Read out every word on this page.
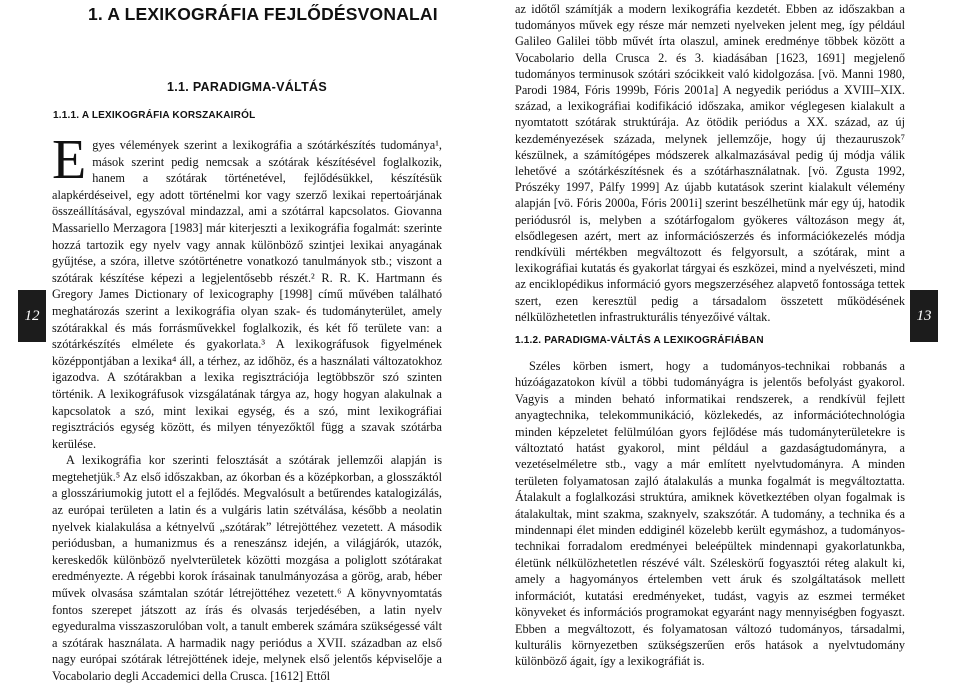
12	13
1. A LEXIKOGRÁFIA FEJLŐDÉSVONALAI
1.1. PARADIGMA-VÁLTÁS
1.1.1. A LEXIKOGRÁFIA KORSZAKAIRÓL

Egyes vélemények szerint a lexikográfia a szótárkészítés tudománya¹, mások szerint pedig nemcsak a szótárak készítésével foglalkozik, hanem a szótárak történetével, fejlődésükkel, készítésük alapkérdéseivel, egy adott történelmi kor vagy szerző lexikai repertoárjának összeállításával, egyszóval mindazzal, ami a szótárral kapcsolatos. Giovanna Massariello Merzagora [1983] már kiterjeszti a lexikográfia fogalmát: szerinte hozzá tartozik egy nyelv vagy annak különböző szintjei lexikai anyagának gyűjtése, a szóra, illetve szótörténetre vonatkozó tanulmányok stb.; viszont a szótárak készítése képezi a legjelentősebb részét.² R. R. K. Hartmann és Gregory James Dictionary of lexicography [1998] című művében található meghatározás szerint a lexikográfia olyan szak- és tudományterület, amely szótárakkal és más forrásművekkel foglalkozik, és két fő területe van: a szótárkészítés elmélete és gyakorlata.³ A lexikográfusok figyelmének középpontjában a lexika⁴ áll, a térhez, az időhöz, és a használati változatokhoz igazodva. A szótárakban a lexika regisztrációja legtöbbször szó szinten történik. A lexikográfusok vizsgálatának tárgya az, hogy hogyan alakulnak a kapcsolatok a szó, mint lexikai egység, és a szó, mint lexikográfiai regisztrációs egység között, és milyen tényezőktől függ a szavak szótárba kerülése.

A lexikográfia kor szerinti felosztását a szótárak jellemzői alapján is megtehetjük.⁵ Az első időszakban, az ókorban és a középkorban, a glosszáktól a glosszáriumokig jutott el a fejlődés. Megvalósult a betűrendes katalogizálás, az európai területen a latin és a vulgáris latin szétválása, később a neolatin nyelvek kialakulása a kétnyelvű „szótárak” létrejöttéhez vezetett. A második periódusban, a humanizmus és a reneszánsz idején, a világjárók, utazók, kereskedők különböző nyelvterületek közötti mozgása a poliglott szótárakat eredményezte. A régebbi korok írásainak tanulmányozása a görög, arab, héber művek olvasása számtalan szótár létrejöttéhez vezetett.⁶ A könyvnyomtatás fontos szerepet játszott az írás és olvasás terjedésében, a latin nyelv egyeduralma visszaszorulóban volt, a tanult emberek számára szükségessé vált a szótárak használata. A harmadik nagy periódus a XVII. században az első nagy európai szótárak létrejöttének ideje, melynek első jelentős képviselője a Vocabolario degli Accademici della Crusca. [1612] Ettől

az időtől számítják a modern lexikográfia kezdetét. Ebben az időszakban a tudományos művek egy része már nemzeti nyelveken jelent meg, így például Galileo Galilei több művét írta olaszul, aminek eredménye többek között a Vocabolario della Crusca 2. és 3. kiadásában [1623, 1691] megjelenő tudományos terminusok szótári szócikkeit való kidolgozása. [vö. Manni 1980, Parodi 1984, Fóris 1999b, Fóris 2001a] A negyedik periódus a XVIII–XIX. század, a lexikográfiai kodifikáció időszaka, amikor véglegesen kialakult a nyomtatott szótárak struktúrája. Az ötödik periódus a XX. század, az új kezdeményezések százada, melynek jellemzője, hogy új thezauruszok⁷ készülnek, a számítógépes módszerek alkalmazásával pedig új módja válik lehetővé a szótárkészítésnek és a szótárhasználatnak. [vö. Zgusta 1992, Prószéky 1997, Pálfy 1999] Az újabb kutatások szerint kialakult vélemény alapján [vö. Fóris 2000a, Fóris 2001i] szerint beszélhetünk már egy új, hatodik periódusról is, melyben a szótárfogalom gyökeres változáson megy át, elsődlegesen azért, mert az információszerzés és információkezelés módja rendkívüli mértékben megváltozott és felgyorsult, a szótárak, mint a lexikográfiai kutatás és gyakorlat tárgyai és eszközei, mind a nyelvészeti, mind az enciklopédikus információ gyors megszerzéséhez alapvető fontossága tettek szert, ezen keresztül pedig a társadalom összetett működésének nélkülözhetetlen infrastrukturális tényezőivé váltak.

1.1.2. PARADIGMA-VÁLTÁS A LEXIKOGRÁFIÁBAN

Széles körben ismert, hogy a tudományos-technikai robbanás a húzóágazatokon kívül a többi tudományágra is jelentős befolyást gyakorol. Vagyis a minden beható informatikai rendszerek, a rendkívül fejlett anyagtechnika, telekommunikáció, közlekedés, az információtechnológia minden képzeletet felülmúlóan gyors fejlődése más tudományterületekre is változtató hatást gyakorol, mint például a gazdaságtudományra, a vezetéselméletre stb., vagy a már említett nyelvtudományra. A minden területen folyamatosan zajló átalakulás a munka fogalmát is megváltoztatta. Átalakult a foglalkozási struktúra, amiknek következtében olyan fogalmak is átalakultak, mint szakma, szaknyelv, szakszótár. A tudomány, a technika és a mindennapi élet minden eddiginél közelebb került egymáshoz, a tudományos-technikai forradalom eredményei beleépültek mindennapi gyakorlatunkba, életünk nélkülözhetetlen részévé vált. Széleskörű fogyasztói réteg alakult ki, amely a hagyományos értelemben vett áruk és szolgáltatások mellett információt, kutatási eredményeket, tudást, vagyis az eszmei terméket könyveket és információs programokat egyaránt nagy mennyiségben fogyaszt. Ebben a megváltozott, és folyamatosan változó tudományos, társadalmi, kulturális környezetben szükségszerűen erős hatások a nyelvtudomány különböző ágait, így a lexikográfiát is.
